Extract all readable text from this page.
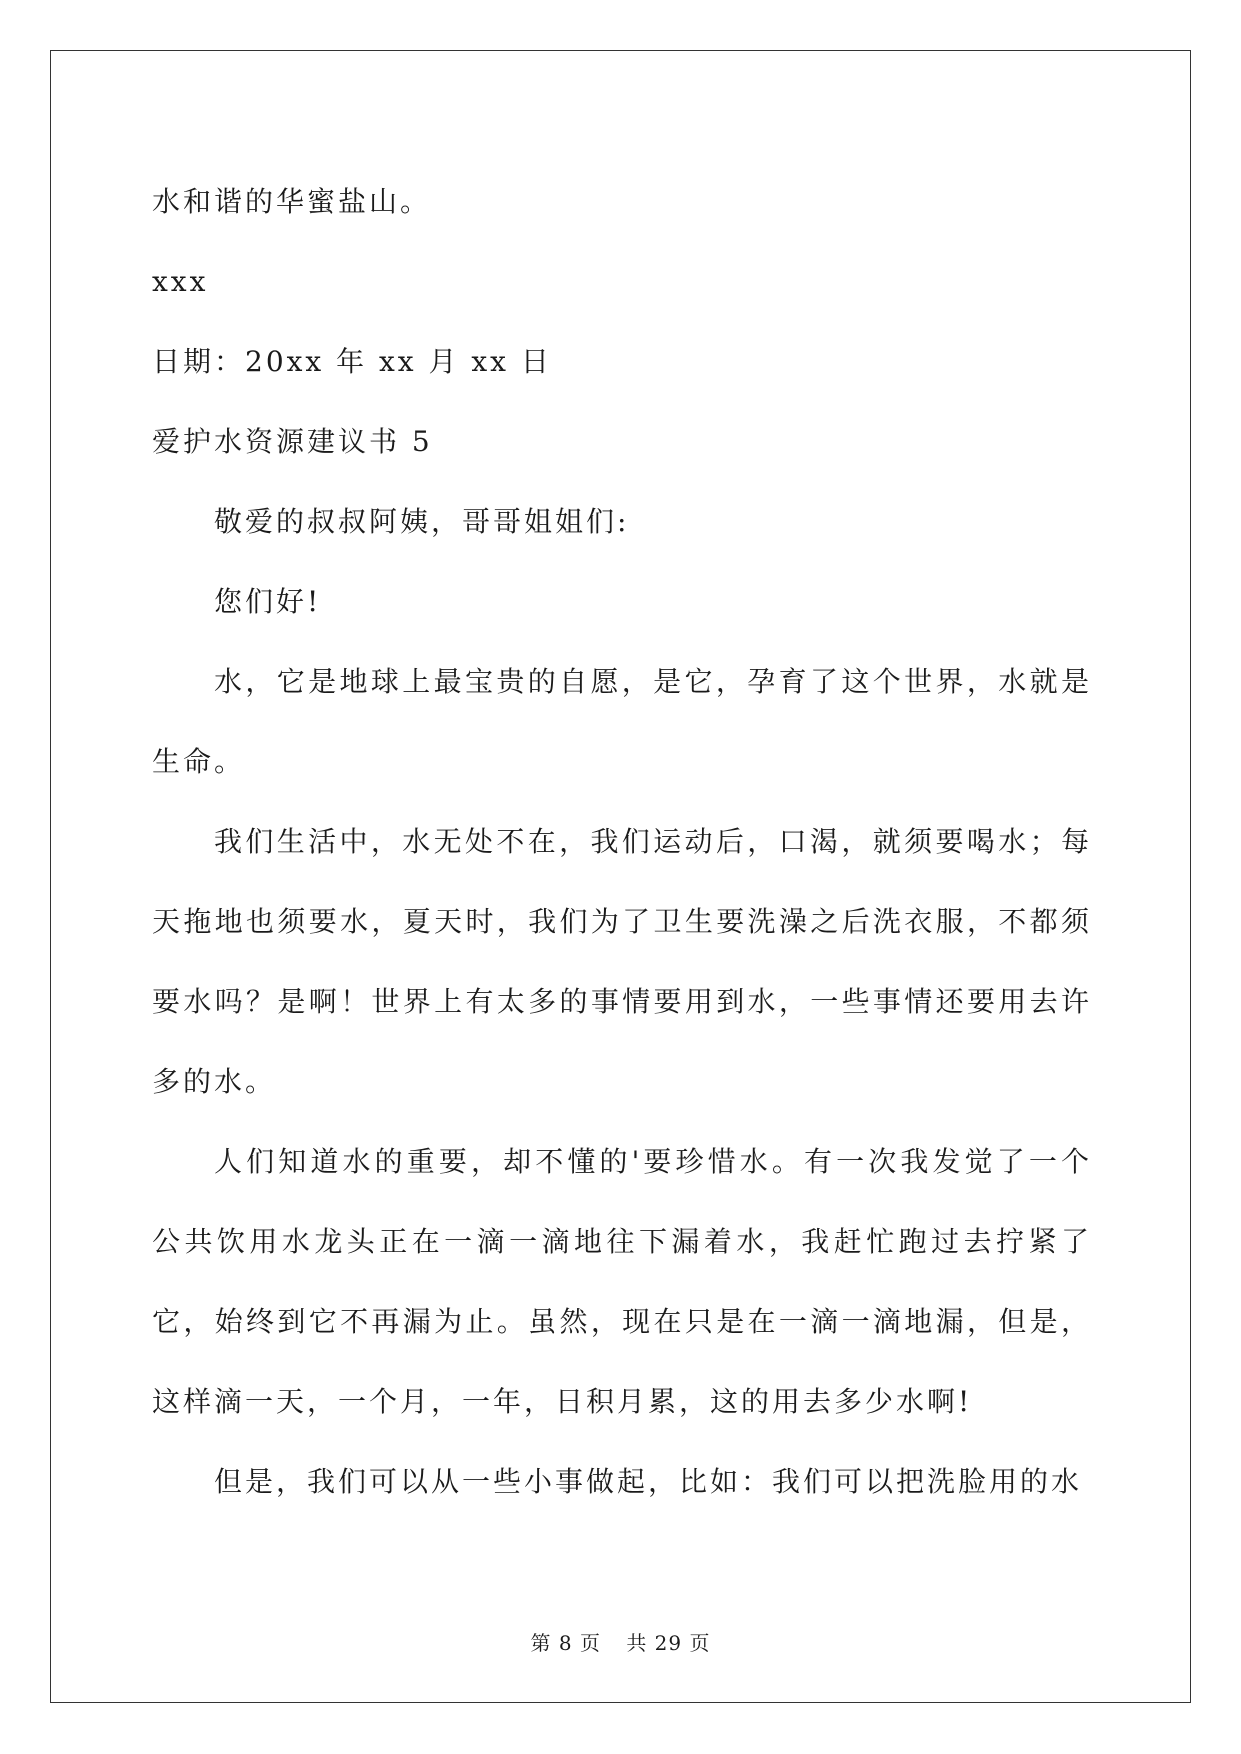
水和谐的华蜜盐山。

xxx

日期：20xx 年 xx 月 xx 日

爱护水资源建议书 5

敬爱的叔叔阿姨，哥哥姐姐们:

您们好!

水，它是地球上最宝贵的自愿，是它，孕育了这个世界，水就是生命。

我们生活中，水无处不在，我们运动后，口渴，就须要喝水；每天拖地也须要水，夏天时，我们为了卫生要洗澡之后洗衣服，不都须要水吗？是啊！世界上有太多的事情要用到水，一些事情还要用去许多的水。

人们知道水的重要，却不懂的'要珍惜水。有一次我发觉了一个公共饮用水龙头正在一滴一滴地往下漏着水，我赶忙跑过去拧紧了它，始终到它不再漏为止。虽然，现在只是在一滴一滴地漏，但是，这样滴一天，一个月，一年，日积月累，这的用去多少水啊!

但是，我们可以从一些小事做起，比如：我们可以把洗脸用的水

第 8 页 共 29 页
